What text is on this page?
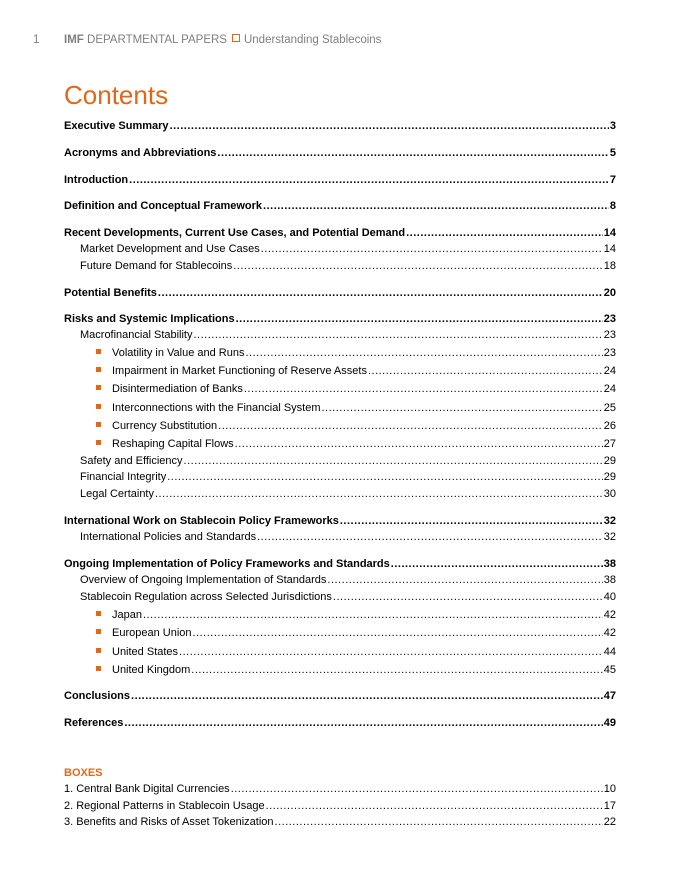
1 IMF DEPARTMENTAL PAPERS Understanding Stablecoins
Contents
Executive Summary .....	3
Acronyms and Abbreviations .....	5
Introduction .....	7
Definition and Conceptual Framework .....	8
Recent Developments, Current Use Cases, and Potential Demand .....	14
Market Development and Use Cases .....	14
Future Demand for Stablecoins .....	18
Potential Benefits .....	20
Risks and Systemic Implications .....	23
Macrofinancial Stability .....	23
Volatility in Value and Runs .....	23
Impairment in Market Functioning of Reserve Assets .....	24
Disintermediation of Banks .....	24
Interconnections with the Financial System .....	25
Currency Substitution .....	26
Reshaping Capital Flows .....	27
Safety and Efficiency .....	29
Financial Integrity .....	29
Legal Certainty .....	30
International Work on Stablecoin Policy Frameworks .....	32
International Policies and Standards .....	32
Ongoing Implementation of Policy Frameworks and Standards .....	38
Overview of Ongoing Implementation of Standards .....	38
Stablecoin Regulation across Selected Jurisdictions .....	40
Japan .....	42
European Union .....	42
United States .....	44
United Kingdom .....	45
Conclusions .....	47
References .....	49
BOXES
1. Central Bank Digital Currencies .....	10
2. Regional Patterns in Stablecoin Usage .....	17
3. Benefits and Risks of Asset Tokenization .....	22
